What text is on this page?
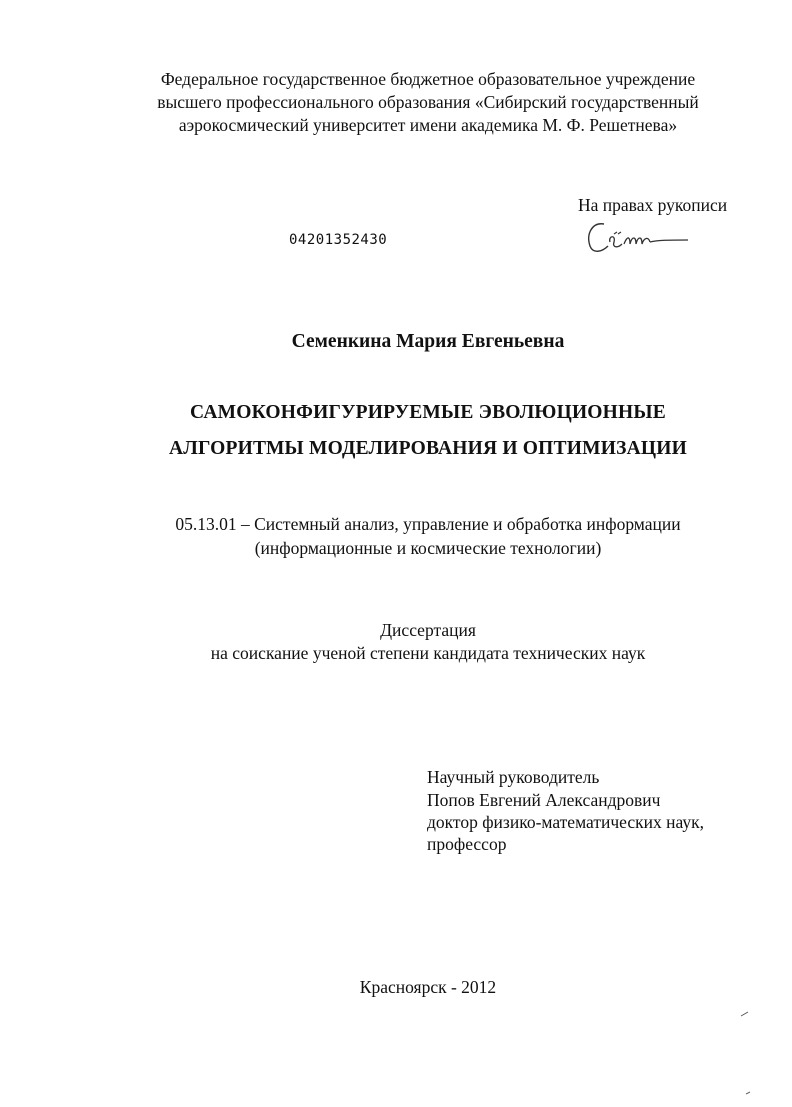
Федеральное государственное бюджетное образовательное учреждение
высшего профессионального образования «Сибирский государственный
аэрокосмический университет имени академика М. Ф. Решетнева»
На правах рукописи
04201352430
Семенкина Мария Евгеньевна
САМОКОНФИГУРИРУЕМЫЕ ЭВОЛЮЦИОННЫЕ
АЛГОРИТМЫ МОДЕЛИРОВАНИЯ И ОПТИМИЗАЦИИ
05.13.01 – Системный анализ, управление и обработка информации
(информационные и космические технологии)
Диссертация
на соискание ученой степени кандидата технических наук
Научный руководитель
Попов Евгений Александрович
доктор физико-математических наук,
профессор
Красноярск - 2012
